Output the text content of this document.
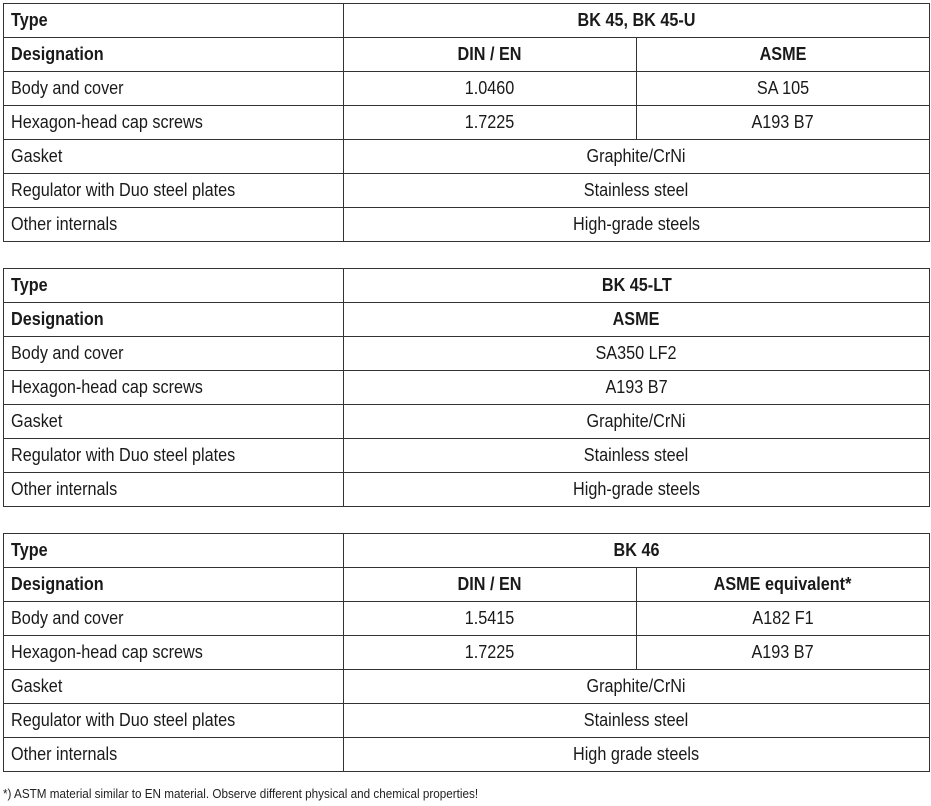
Type	BK 45, BK 45-U	
Designation	DIN / EN	ASME
Body and cover	1.0460	SA 105
Hexagon-head cap screws	1.7225	A193 B7
Gasket	Graphite/CrNi	
Regulator with Duo steel plates	Stainless steel	
Other internals	High-grade steels	
Type	BK 45-LT
Designation	ASME
Body and cover	SA350 LF2
Hexagon-head cap screws	A193 B7
Gasket	Graphite/CrNi
Regulator with Duo steel plates	Stainless steel
Other internals	High-grade steels
Type	BK 46	
Designation	DIN / EN	ASME equivalent*
Body and cover	1.5415	A182 F1
Hexagon-head cap screws	1.7225	A193 B7
Gasket	Graphite/CrNi	
Regulator with Duo steel plates	Stainless steel	
Other internals	High grade steels	
*) ASTM material similar to EN material. Observe different physical and chemical properties!
